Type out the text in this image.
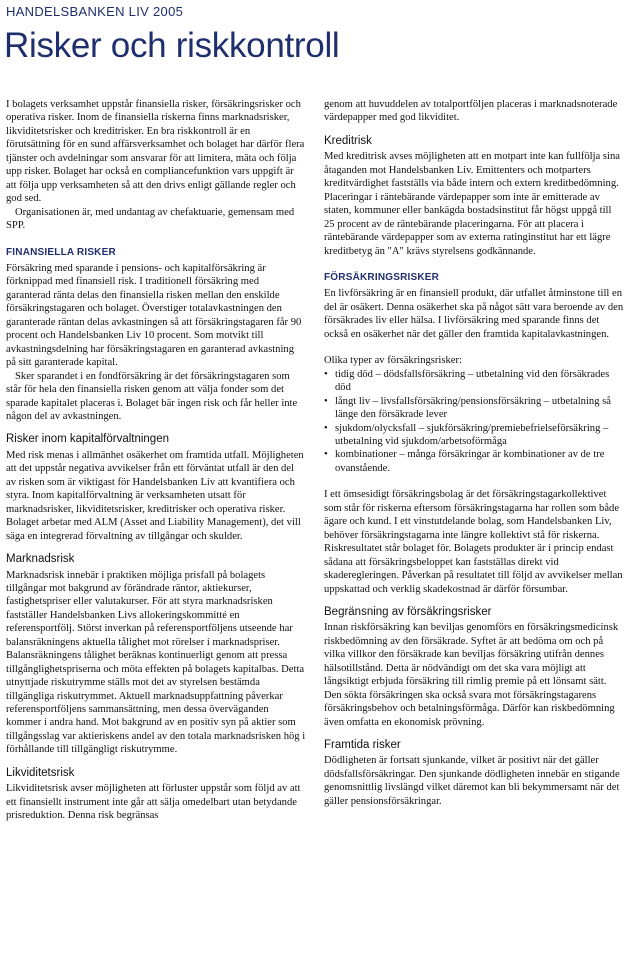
HANDELSBANKEN LIV 2005
Risker och riskkontroll

I bolagets verksamhet uppstår finansiella risker, försäkringsrisker och operativa risker. Inom de finansiella riskerna finns marknadsrisker, likviditetsrisker och kreditrisker. En bra riskkontroll är en förutsättning för en sund affärsverksamhet och bolaget har därför flera tjänster och avdelningar som ansvarar för att limitera, mäta och följa upp risker. Bolaget har också en compliancefunktion vars uppgift är att följa upp verksamheten så att den drivs enligt gällande regler och god sed.

Organisationen är, med undantag av chefaktuarie, gemensam med SPP.

FINANSIELLA RISKER

Försäkring med sparande i pensions- och kapitalförsäkring är förknippad med finansiell risk. I traditionell försäkring med garanterad ränta delas den finansiella risken mellan den enskilde försäkringstagaren och bolaget. Överstiger totalavkastningen den garanterade räntan delas avkastningen så att försäkringstagaren får 90 procent och Handelsbanken Liv 10 procent. Som motvikt till avkastningsdelning har försäkringstagaren en garanterad avkastning på sitt garanterade kapital.

Sker sparandet i en fondförsäkring är det försäkringstagaren som står för hela den finansiella risken genom att välja fonder som det sparade kapitalet placeras i. Bolaget bär ingen risk och får heller inte någon del av avkastningen.

Risker inom kapitalförvaltningen

Med risk menas i allmänhet osäkerhet om framtida utfall. Möjligheten att det uppstår negativa avvikelser från ett förväntat utfall är den del av risken som är viktigast för Handelsbanken Liv att kvantifiera och styra. Inom kapitalförvaltning är verksamheten utsatt för marknadsrisker, likviditetsrisker, kreditrisker och operativa risker. Bolaget arbetar med ALM (Asset and Liability Management), det vill säga en integrerad förvaltning av tillgångar och skulder.

Marknadsrisk

Marknadsrisk innebär i praktiken möjliga prisfall på bolagets tillgångar mot bakgrund av förändrade räntor, aktiekurser, fastighetspriser eller valutakurser. För att styra marknadsrisken fastställer Handelsbanken Livs allokeringskommitté en referensportfölj. Störst inverkan på referensportföljens utseende har balansräkningens aktuella tålighet mot rörelser i marknadspriser. Balansräkningens tålighet beräknas kontinuerligt genom att pressa tillgånglighetspriserna och möta effekten på bolagets kapitalbas. Detta utnyttjade riskutrymme ställs mot det av styrelsen bestämda tillgängliga riskutrymmet. Aktuell marknadsuppfattning påverkar referensportföljens sammansättning, men dessa överväganden kommer i andra hand. Mot bakgrund av en positiv syn på aktier som tillgångsslag var aktieriskens andel av den totala marknadsrisken hög i förhållande till tillgängligt riskutrymme.

Likviditetsrisk

Likviditetsrisk avser möjligheten att förluster uppstår som följd av att ett finansiellt instrument inte går att sälja omedelbart utan betydande prisreduktion. Denna risk begränsas

genom att huvuddelen av totalportföljen placeras i marknadsnoterade värdepapper med god likviditet.

Kreditrisk

Med kreditrisk avses möjligheten att en motpart inte kan fullfölja sina åtaganden mot Handelsbanken Liv. Emittenters och motparters kreditvärdighet fastställs via både intern och extern kreditbedömning. Placeringar i räntebärande värdepapper som inte är emitterade av staten, kommuner eller bankägda bostadsinstitut får högst uppgå till 25 procent av de räntebärande placeringarna. För att placera i räntebärande värdepapper som av externa ratinginstitut har ett lägre kreditbetyg än "A" krävs styrelsens godkännande.

FÖRSÄKRINGSRISKER

En livförsäkring är en finansiell produkt, där utfallet åtminstone till en del är osäkert. Denna osäkerhet ska på något sätt vara beroende av den försäkrades liv eller hälsa. I livförsäkring med sparande finns det också en osäkerhet när det gäller den framtida kapitalavkastningen.

Olika typer av försäkringsrisker:

• tidig död – dödsfallsförsäkring – utbetalning vid den försäkrades död
• långt liv – livsfallsförsäkring/pensionsförsäkring – utbetalning så länge den försäkrade lever
• sjukdom/olycksfall – sjukförsäkring/premiebefrielseförsäkring – utbetalning vid sjukdom/arbetsoförmåga
• kombinationer – många försäkringar är kombinationer av de tre ovanstående.

I ett ömsesidigt försäkringsbolag är det försäkringstagarkollektivet som står för riskerna eftersom försäkringstagarna har rollen som både ägare och kund. I ett vinstutdelande bolag, som Handelsbanken Liv, behöver försäkringstagarna inte längre kollektivt stå för riskerna. Riskresultatet står bolaget för. Bolagets produkter är i princip endast sådana att försäkringsbeloppet kan fastställas direkt vid skaderegleringen. Påverkan på resultatet till följd av avvikelser mellan uppskattad och verklig skadekostnad är därför försumbar.

Begränsning av försäkringsrisker

Innan riskförsäkring kan beviljas genomförs en försäkringsmedicinsk riskbedömning av den försäkrade. Syftet är att bedöma om och på vilka villkor den försäkrade kan beviljas försäkring utifrån dennes hälsotillstånd. Detta är nödvändigt om det ska vara möjligt att långsiktigt erbjuda försäkring till rimlig premie på ett lönsamt sätt. Den sökta försäkringen ska också svara mot försäkringstagarens försäkringsbehov och betalningsförmåga. Därför kan riskbedömning även omfatta en ekonomisk prövning.

Framtida risker

Dödligheten är fortsatt sjunkande, vilket är positivt när det gäller dödsfallsförsäkringar. Den sjunkande dödligheten innebär en stigande genomsnittlig livslängd vilket däremot kan bli bekymmersamt när det gäller pensionsförsäkringar.
